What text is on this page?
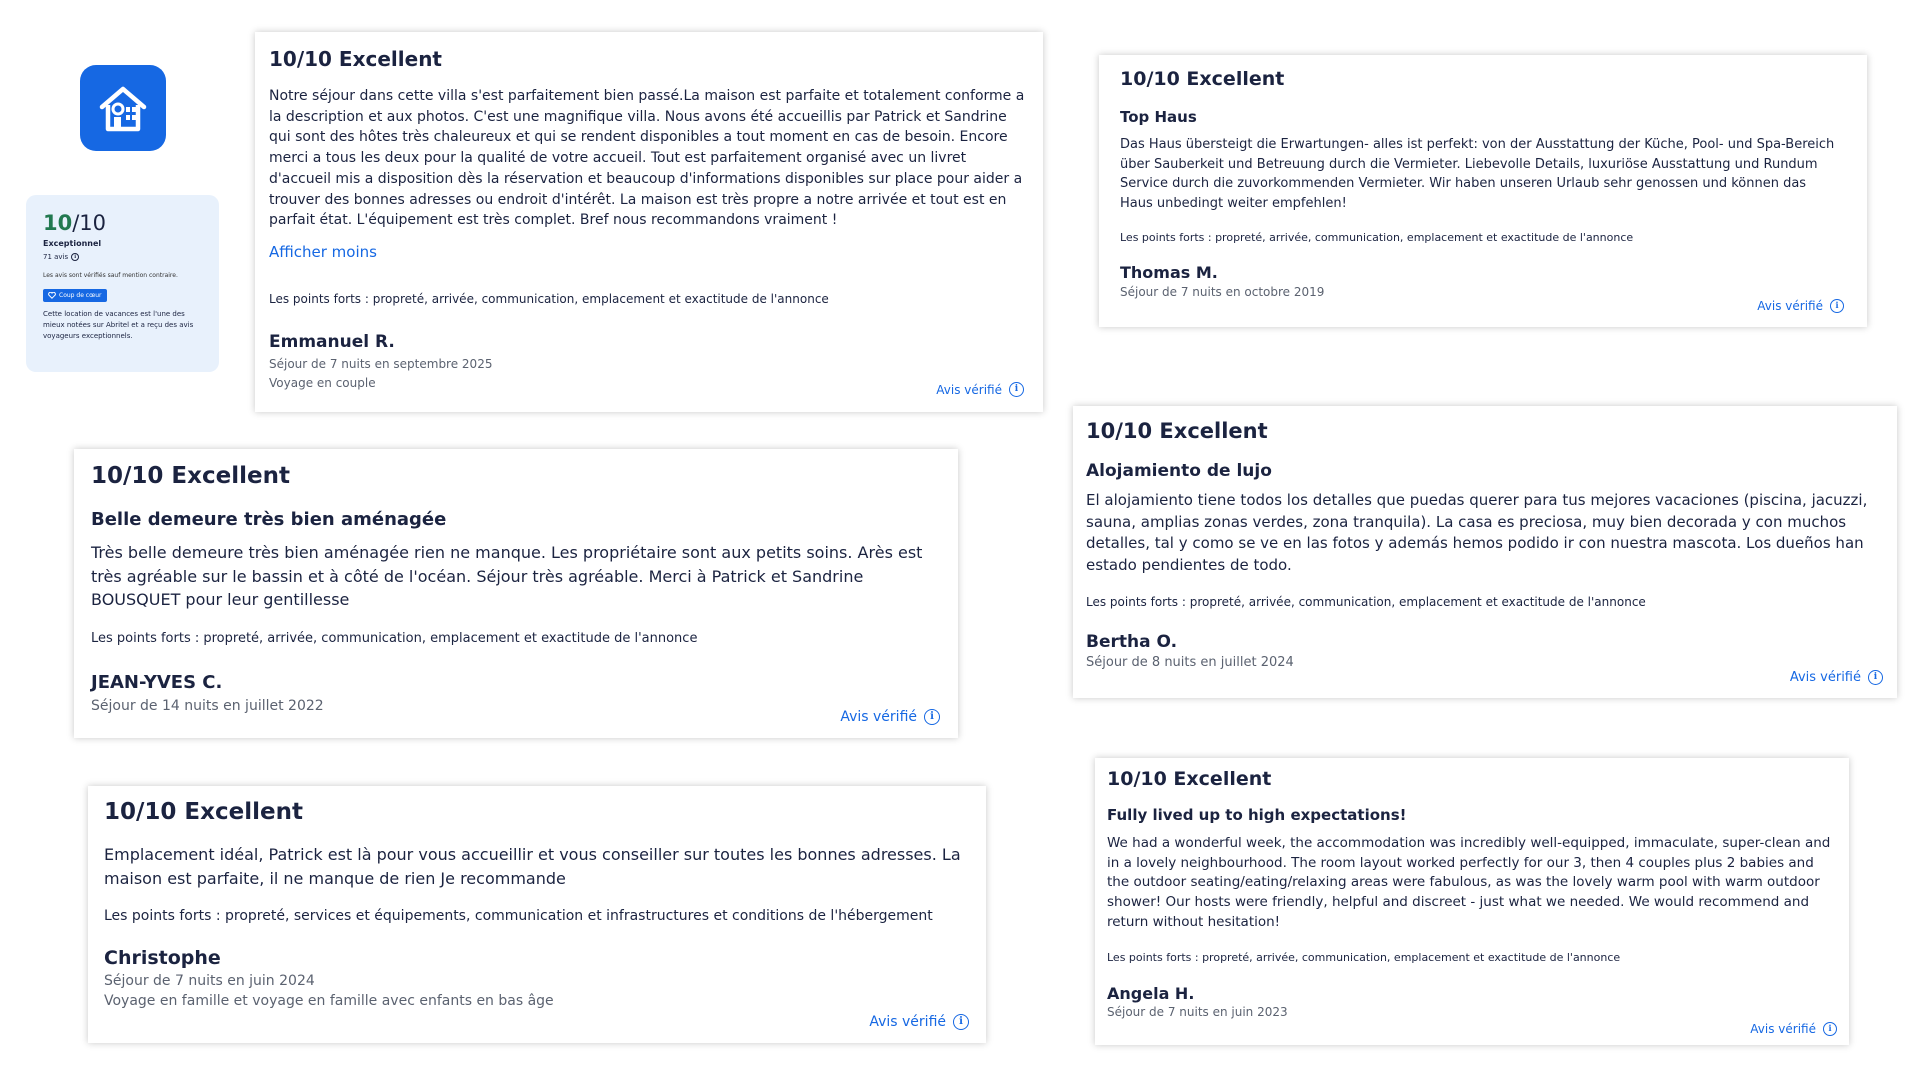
10/10
Exceptionnel
71 avis	i
Les avis sont vérifiés sauf mention contraire.
Coup de cœur
Cette location de vacances est l'une des mieux notées sur Abritel et a reçu des avis voyageurs exceptionnels.
10/10 Excellent
Notre séjour dans cette villa s'est parfaitement bien passé.La maison est parfaite et totalement conforme a la description et aux photos. C'est une magnifique villa. Nous avons été accueillis par Patrick et Sandrine qui sont des hôtes très chaleureux et qui se rendent disponibles a tout moment en cas de besoin. Encore merci a tous les deux pour la qualité de votre accueil. Tout est parfaitement organisé avec un livret d'accueil mis a disposition dès la réservation et beaucoup d'informations disponibles sur place pour aider a trouver des bonnes adresses ou endroit d'intérêt. La maison est très propre a notre arrivée et tout est en parfait état. L'équipement est très complet. Bref nous recommandons vraiment !
Afficher moins
Les points forts : propreté, arrivée, communication, emplacement et exactitude de l'annonce
Emmanuel R.
Séjour de 7 nuits en septembre 2025
Voyage en couple	Avis vérifié	i
10/10 Excellent
Top Haus
Das Haus übersteigt die Erwartungen- alles ist perfekt: von der Ausstattung der Küche, Pool- und Spa-Bereich über Sauberkeit und Betreuung durch die Vermieter. Liebevolle Details, luxuriöse Ausstattung und Rundum Service durch die zuvorkommenden Vermieter. Wir haben unseren Urlaub sehr genossen und können das Haus unbedingt weiter empfehlen!
Les points forts : propreté, arrivée, communication, emplacement et exactitude de l'annonce
Thomas M.
Séjour de 7 nuits en octobre 2019
Avis vérifié	i
10/10 Excellent
Belle demeure très bien aménagée
Très belle demeure très bien aménagée rien ne manque. Les propriétaire sont aux petits soins. Arès est très agréable sur le bassin et à côté de l'océan. Séjour très agréable. Merci à Patrick et Sandrine BOUSQUET pour leur gentillesse
Les points forts : propreté, arrivée, communication, emplacement et exactitude de l'annonce
JEAN-YVES C.
Séjour de 14 nuits en juillet 2022
Avis vérifié	i
10/10 Excellent
Alojamiento de lujo
El alojamiento tiene todos los detalles que puedas querer para tus mejores vacaciones (piscina, jacuzzi, sauna, amplias zonas verdes, zona tranquila). La casa es preciosa, muy bien decorada y con muchos detalles, tal y como se ve en las fotos y además hemos podido ir con nuestra mascota. Los dueños han estado pendientes de todo.
Les points forts : propreté, arrivée, communication, emplacement et exactitude de l'annonce
Bertha O.
Séjour de 8 nuits en juillet 2024
Avis vérifié	i
10/10 Excellent
Emplacement idéal, Patrick est là pour vous accueillir et vous conseiller sur toutes les bonnes adresses. La maison est parfaite, il ne manque de rien Je recommande
Les points forts : propreté, services et équipements, communication et infrastructures et conditions de l'hébergement
Christophe
Séjour de 7 nuits en juin 2024
Voyage en famille et voyage en famille avec enfants en bas âge
Avis vérifié	i
10/10 Excellent
Fully lived up to high expectations!
We had a wonderful week, the accommodation was incredibly well-equipped, immaculate, super-clean and in a lovely neighbourhood. The room layout worked perfectly for our 3, then 4 couples plus 2 babies and the outdoor seating/eating/relaxing areas were fabulous, as was the lovely warm pool with warm outdoor shower! Our hosts were friendly, helpful and discreet - just what we needed. We would recommend and return without hesitation!
Les points forts : propreté, arrivée, communication, emplacement et exactitude de l'annonce
Angela H.
Séjour de 7 nuits en juin 2023
Avis vérifié	i
